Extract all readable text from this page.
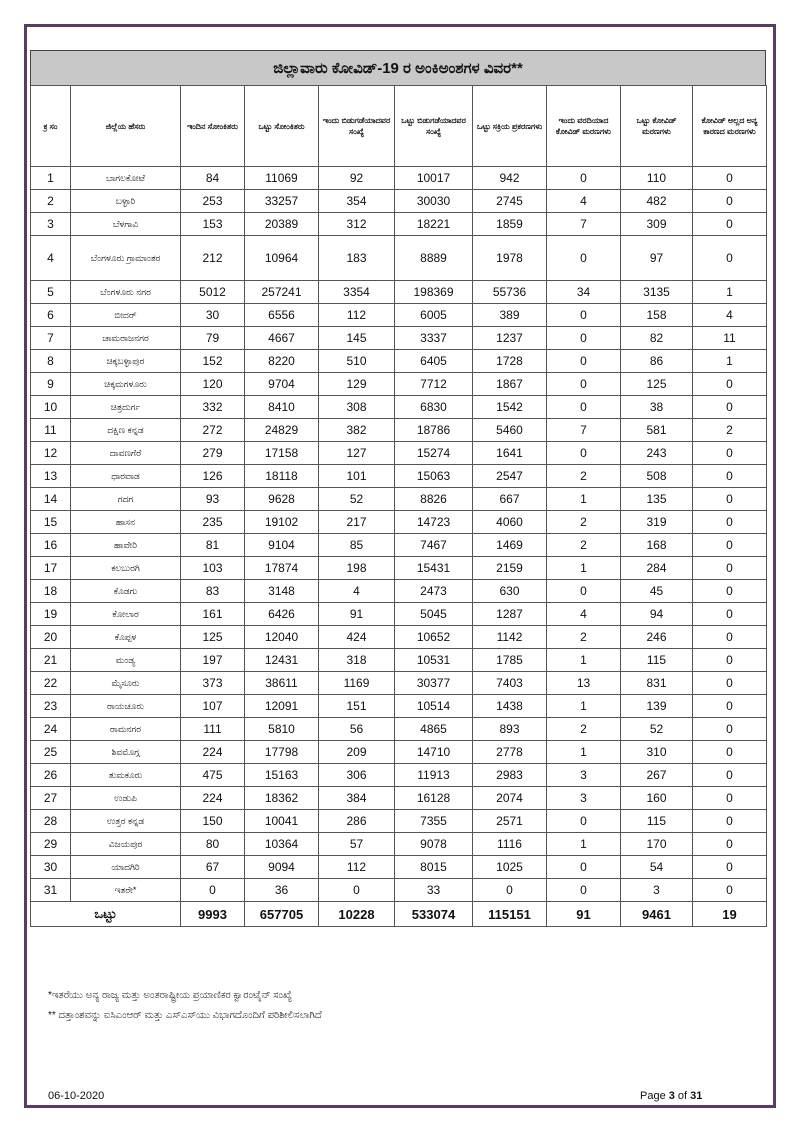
ಜಿಲ್ಲಾವಾರು ಕೋವಿಡ್-19 ರ ಅಂಕಿಅಂಶಗಳ ವಿವರ**
ಕ್ರ ಸಂ	ಜಿಲ್ಲೆಯ ಹೆಸರು	ಇಂದಿನ ಸೋಂಕಿತರು	ಒಟ್ಟು ಸೋಂಕಿತರು	ಇಂದು ಬಿಡುಗಡೆಯಾದವರ ಸಂಖ್ಯೆ	ಒಟ್ಟು ಬಿಡುಗಡೆಯಾದವರ ಸಂಖ್ಯೆ	ಒಟ್ಟು ಸಕ್ರಿಯ ಪ್ರಕರಣಗಳು	ಇಂದು ವರದಿಯಾದ ಕೋವಿಡ್ ಮರಣಗಳು	ಒಟ್ಟು ಕೋವಿಡ್ ಮರಣಗಳು	ಕೋವಿಡ್ ಅಲ್ಲದ ಅನ್ಯ ಕಾರಣದ ಮರಣಗಳು
1	ಬಾಗಲಕೋಟೆ	84	11069	92	10017	942	0	110	0
2	ಬಳ್ಳಾರಿ	253	33257	354	30030	2745	4	482	0
3	ಬೆಳಗಾವಿ	153	20389	312	18221	1859	7	309	0
4	ಬೆಂಗಳೂರು ಗ್ರಾಮಾಂತರ	212	10964	183	8889	1978	0	97	0
5	ಬೆಂಗಳೂರು ನಗರ	5012	257241	3354	198369	55736	34	3135	1
6	ಬೀದರ್	30	6556	112	6005	389	0	158	4
7	ಚಾಮರಾಜನಗರ	79	4667	145	3337	1237	0	82	11
8	ಚಿಕ್ಕಬಳ್ಳಾಪುರ	152	8220	510	6405	1728	0	86	1
9	ಚಿಕ್ಕಮಗಳೂರು	120	9704	129	7712	1867	0	125	0
10	ಚಿತ್ರದುರ್ಗ	332	8410	308	6830	1542	0	38	0
11	ದಕ್ಷಿಣ ಕನ್ನಡ	272	24829	382	18786	5460	7	581	2
12	ದಾವಣಗೆರೆ	279	17158	127	15274	1641	0	243	0
13	ಧಾರವಾಡ	126	18118	101	15063	2547	2	508	0
14	ಗದಗ	93	9628	52	8826	667	1	135	0
15	ಹಾಸನ	235	19102	217	14723	4060	2	319	0
16	ಹಾವೇರಿ	81	9104	85	7467	1469	2	168	0
17	ಕಲಬುರಗಿ	103	17874	198	15431	2159	1	284	0
18	ಕೊಡಗು	83	3148	4	2473	630	0	45	0
19	ಕೋಲಾರ	161	6426	91	5045	1287	4	94	0
20	ಕೊಪ್ಪಳ	125	12040	424	10652	1142	2	246	0
21	ಮಂಡ್ಯ	197	12431	318	10531	1785	1	115	0
22	ಮೈಸೂರು	373	38611	1169	30377	7403	13	831	0
23	ರಾಯಚೂರು	107	12091	151	10514	1438	1	139	0
24	ರಾಮನಗರ	111	5810	56	4865	893	2	52	0
25	ಶಿವಮೊಗ್ಗ	224	17798	209	14710	2778	1	310	0
26	ತುಮಕೂರು	475	15163	306	11913	2983	3	267	0
27	ಉಡುಪಿ	224	18362	384	16128	2074	3	160	0
28	ಉತ್ತರ ಕನ್ನಡ	150	10041	286	7355	2571	0	115	0
29	ವಿಜಯಪುರ	80	10364	57	9078	1116	1	170	0
30	ಯಾದಗಿರಿ	67	9094	112	8015	1025	0	54	0
31	ಇತರೇ*	0	36	0	33	0	0	3	0
ಒಟ್ಟು		9993	657705	10228	533074	115151	91	9461	19
*ಇತರೆಯು ಅನ್ಯ ರಾಜ್ಯ ಮತ್ತು ಅಂತರಾಷ್ಟ್ರೀಯ ಪ್ರಯಾಣಿಕರ ಕ್ವಾರಂಟೈನ್ ಸಂಖ್ಯೆ
** ದತ್ತಾಂಶವನ್ನು ಐಸಿಎಂಆರ್‌ ಮತ್ತು ಎಸ್‌ಎಸ್‌ಯು ವಿಭಾಗದೊಂದಿಗೆ ಪರಿಶೀಲಿಸಲಾಗಿದೆ
06-10-2020	Page 3 of 31
